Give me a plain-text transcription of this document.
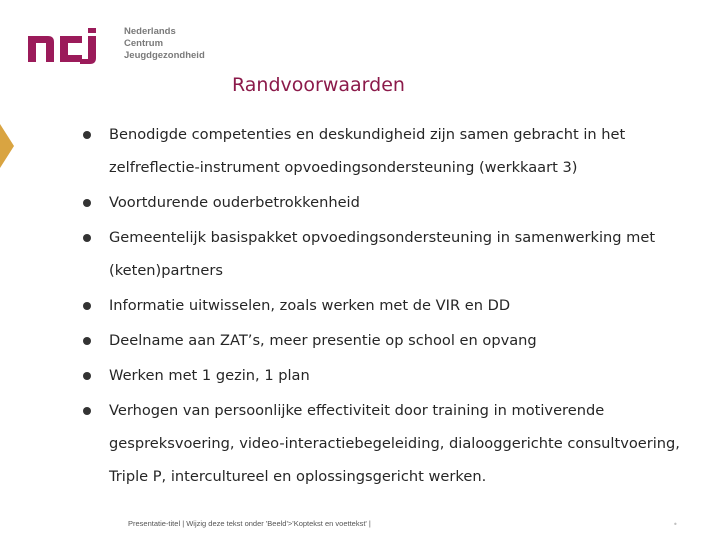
Nederlands
Centrum
Jeugdgezondheid
Randvoorwaarden
Benodigde competenties en deskundigheid zijn samen gebracht in het zelfreflectie-instrument opvoedingsondersteuning (werkkaart 3)
Voortdurende ouderbetrokkenheid
Gemeentelijk basispakket opvoedingsondersteuning in samenwerking met (keten)partners
Informatie uitwisselen, zoals werken met de VIR en DD
Deelname aan ZAT’s, meer presentie op school en opvang
Werken met 1 gezin, 1 plan
Verhogen van persoonlijke effectiviteit door training in motiverende gespreksvoering, video-interactiebegeleiding, dialooggerichte consultvoering, Triple P, intercultureel en oplossingsgericht werken.
Presentatie-titel | Wijzig deze tekst onder 'Beeld'>'Koptekst en voettekst' |	•
